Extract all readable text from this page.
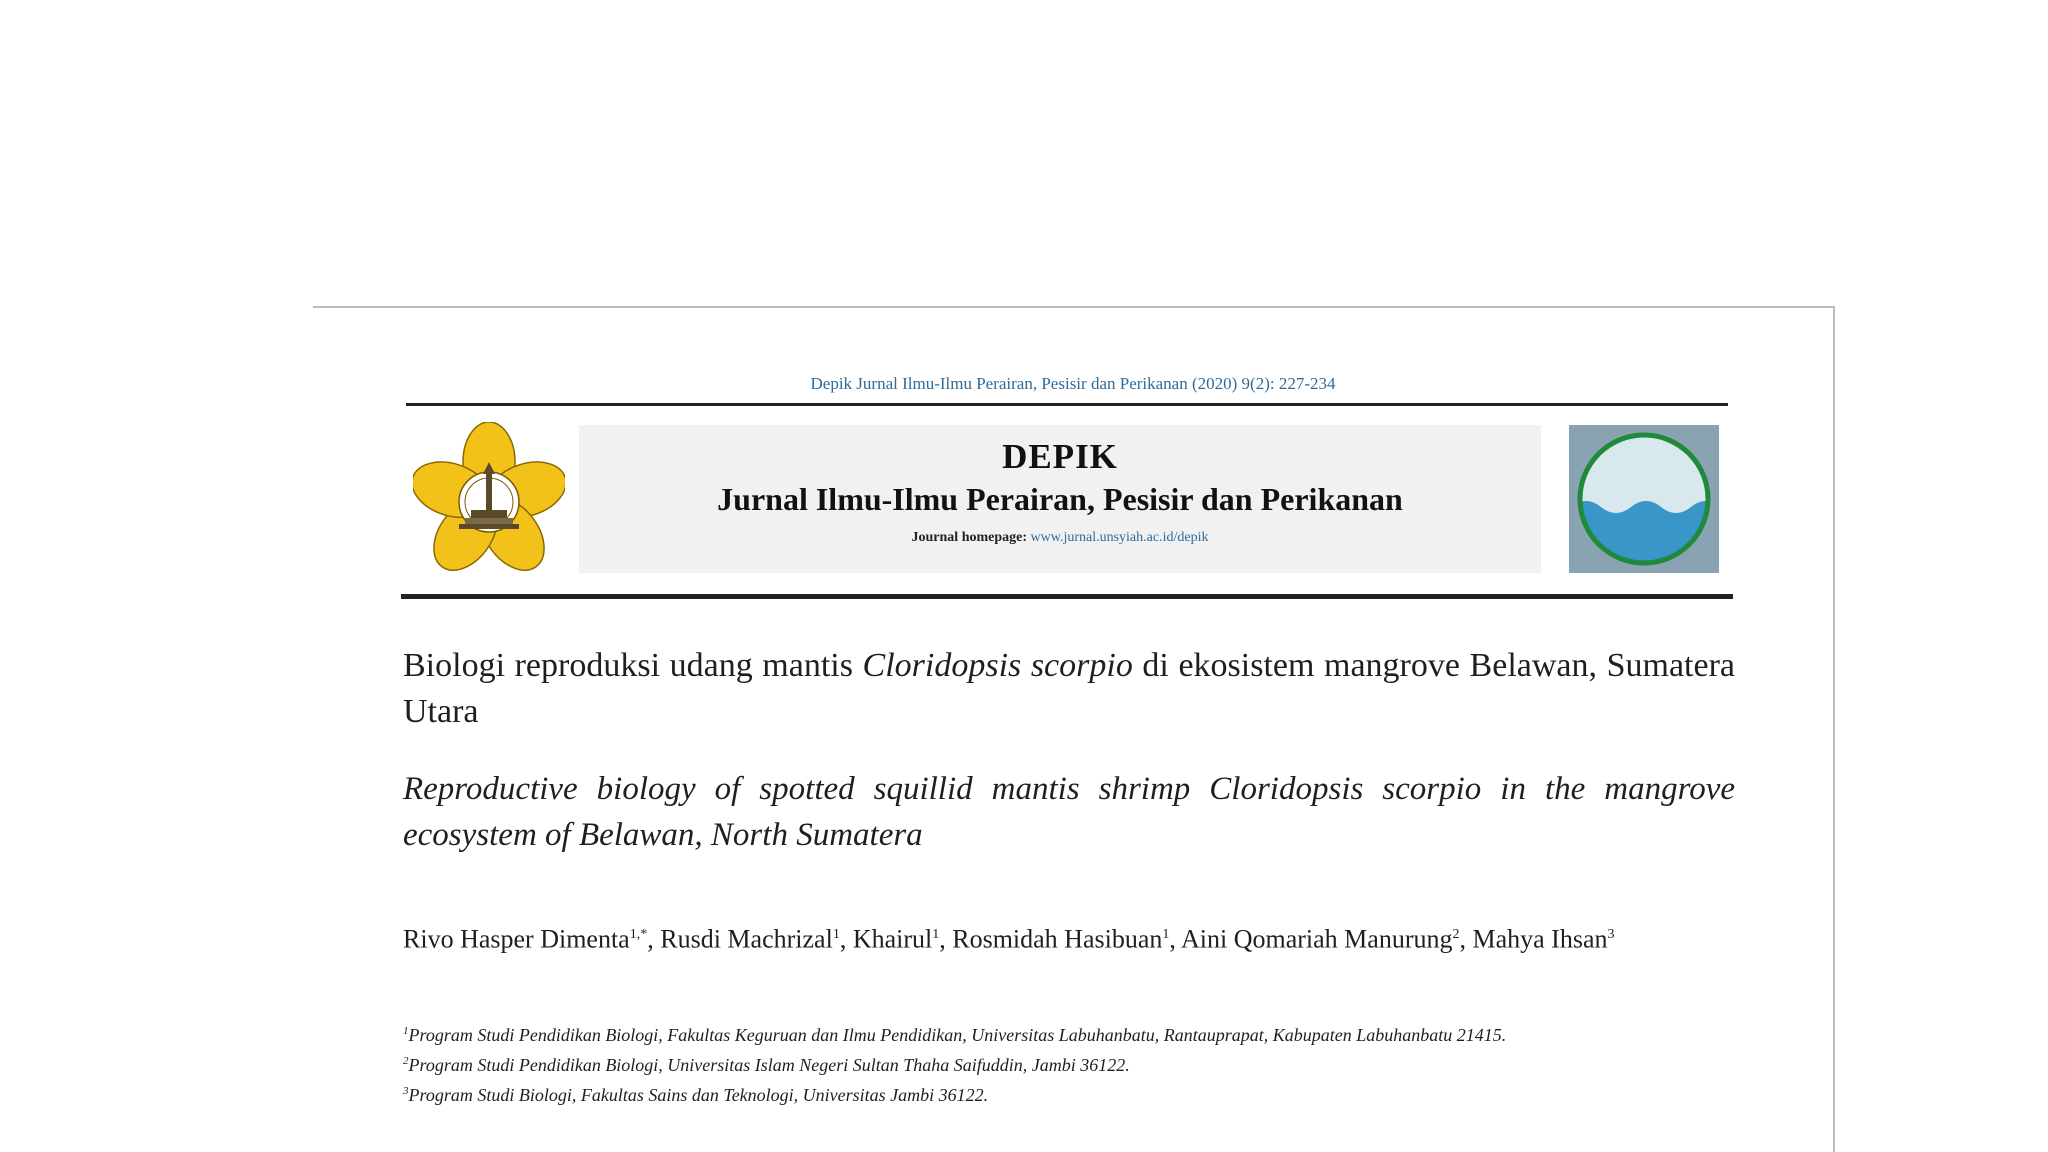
Depik Jurnal Ilmu-Ilmu Perairan, Pesisir dan Perikanan (2020) 9(2): 227-234
DEPIK
Jurnal Ilmu-Ilmu Perairan, Pesisir dan Perikanan
Journal homepage: www.jurnal.unsyiah.ac.id/depik
Biologi reproduksi udang mantis Cloridopsis scorpio di ekosistem mangrove Belawan, Sumatera Utara
Reproductive biology of spotted squillid mantis shrimp Cloridopsis scorpio in the mangrove ecosystem of Belawan, North Sumatera
Rivo Hasper Dimenta$^{1,*}$, Rusdi Machrizal$^1$, Khairul$^1$, Rosmidah Hasibuan$^1$, Aini Qomariah Manurung$^2$, Mahya Ihsan$^3$
$^1$Program Studi Pendidikan Biologi, Fakultas Keguruan dan Ilmu Pendidikan, Universitas Labuhanbatu, Rantauprapat, Kabupaten Labuhanbatu 21415.
$^2$Program Studi Pendidikan Biologi, Universitas Islam Negeri Sultan Thaha Saifuddin, Jambi 36122.
$^3$Program Studi Biologi, Fakultas Sains dan Teknologi, Universitas Jambi 36122.
